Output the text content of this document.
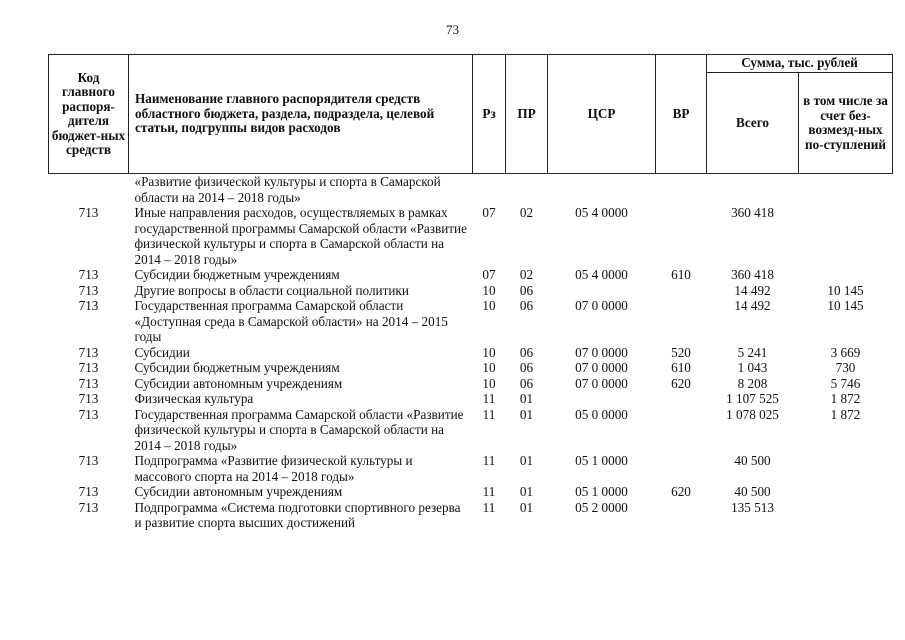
73
Код главного распоря-дителя бюджет-ных средств	Наименование главного распорядителя средств областного бюджета, раздела, подраздела, целевой статьи, подгруппы видов расходов	Рз	ПР	ЦСР	ВР	Сумма, тыс. рублей	
						Всего	в том числе за счет без-возмезд-ных по-ступлений
	«Развитие физической культуры и спорта в Самарской области на 2014 – 2018 годы»						
713	Иные направления расходов, осуществляемых в рамках государственной программы Самарской области «Развитие физической культуры и спорта в Самарской области на 2014 – 2018 годы»	07	02	05 4 0000		360 418	
713	Субсидии бюджетным учреждениям	07	02	05 4 0000	610	360 418	
713	Другие вопросы в области социальной политики	10	06			14 492	10 145
713	Государственная программа Самарской области «Доступная среда в Самарской области» на 2014 – 2015 годы	10	06	07 0 0000		14 492	10 145
713	Субсидии	10	06	07 0 0000	520	5 241	3 669
713	Субсидии бюджетным учреждениям	10	06	07 0 0000	610	1 043	730
713	Субсидии автономным учреждениям	10	06	07 0 0000	620	8 208	5 746
713	Физическая культура	11	01			1 107 525	1 872
713	Государственная программа Самарской области «Развитие физической культуры и спорта в Самарской области на 2014 – 2018 годы»	11	01	05 0 0000		1 078 025	1 872
713	Подпрограмма «Развитие физической культуры и массового спорта на 2014 – 2018 годы»	11	01	05 1 0000		40 500	
713	Субсидии автономным учреждениям	11	01	05 1 0000	620	40 500	
713	Подпрограмма «Система подготовки спортивного резерва и развитие спорта высших достижений	11	01	05 2 0000		135 513	
